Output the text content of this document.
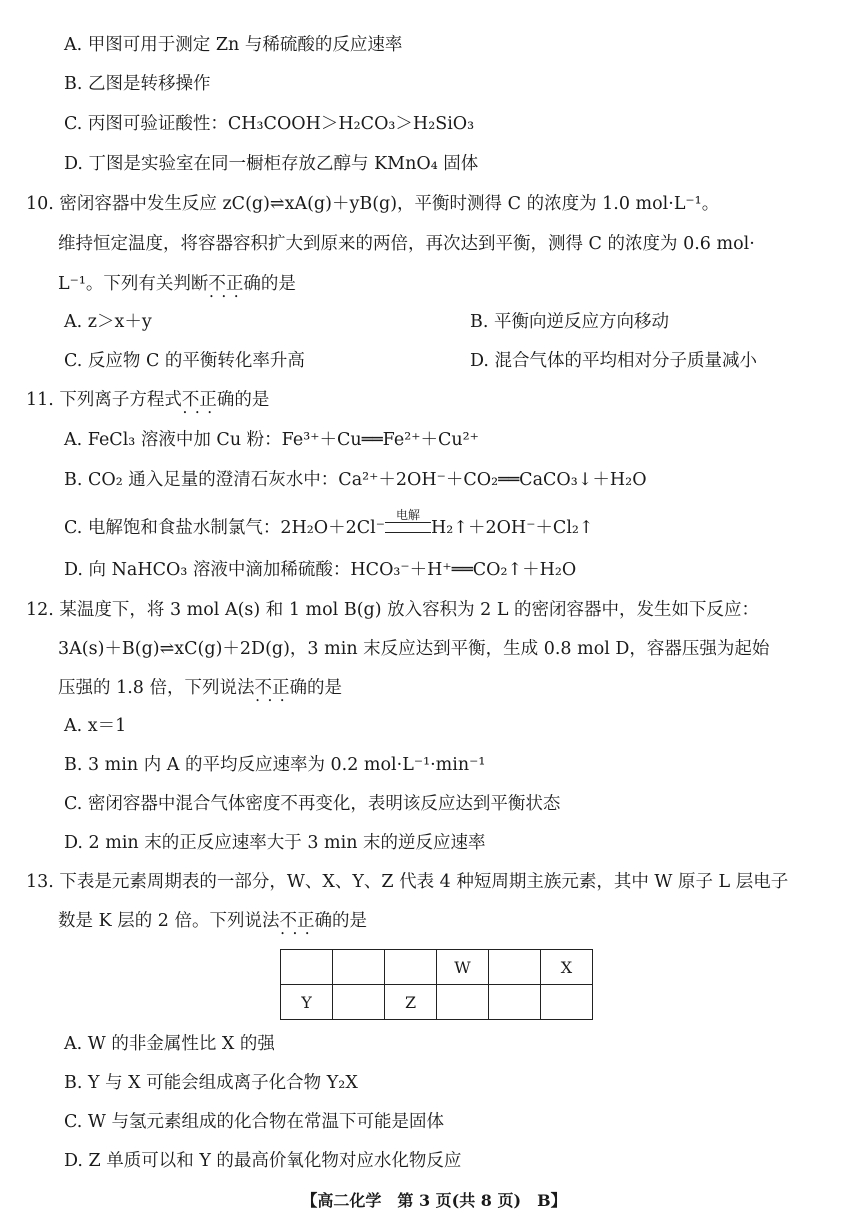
A. 甲图可用于测定 Zn 与稀硫酸的反应速率
B. 乙图是转移操作
C. 丙图可验证酸性：CH₃COOH＞H₂CO₃＞H₂SiO₃
D. 丁图是实验室在同一橱柜存放乙醇与 KMnO₄ 固体
10. 密闭容器中发生反应 zC(g)⇌xA(g)＋yB(g)，平衡时测得 C 的浓度为 1.0 mol·L⁻¹。
维持恒定温度，将容器容积扩大到原来的两倍，再次达到平衡，测得 C 的浓度为 0.6 mol·
L⁻¹。下列有关判断不正确 • • •的是
A. z＞x＋y	B. 平衡向逆反应方向移动
C. 反应物 C 的平衡转化率升高	D. 混合气体的平均相对分子质量减小
11. 下列离子方程式不正确 • • •的是
A. FeCl₃ 溶液中加 Cu 粉：Fe³⁺＋Cu══Fe²⁺＋Cu²⁺
B. CO₂ 通入足量的澄清石灰水中：Ca²⁺＋2OH⁻＋CO₂══CaCO₃↓＋H₂O
C. 电解饱和食盐水制氯气：2H₂O＋2Cl⁻
电解
H₂↑＋2OH⁻＋Cl₂↑
D. 向 NaHCO₃ 溶液中滴加稀硫酸：HCO₃⁻＋H⁺══CO₂↑＋H₂O
12. 某温度下，将 3 mol A(s) 和 1 mol B(g) 放入容积为 2 L 的密闭容器中，发生如下反应：
3A(s)＋B(g)⇌xC(g)＋2D(g)，3 min 末反应达到平衡，生成 0.8 mol D，容器压强为起始
压强的 1.8 倍，下列说法不正确 • • •的是
A. x＝1
B. 3 min 内 A 的平均反应速率为 0.2 mol·L⁻¹·min⁻¹
C. 密闭容器中混合气体密度不再变化，表明该反应达到平衡状态
D. 2 min 末的正反应速率大于 3 min 末的逆反应速率
13. 下表是元素周期表的一部分，W、X、Y、Z 代表 4 种短周期主族元素，其中 W 原子 L 层电子
数是 K 层的 2 倍。下列说法不正确 • • •的是
			W		X
Y		Z			
A. W 的非金属性比 X 的强
B. Y 与 X 可能会组成离子化合物 Y₂X
C. W 与氢元素组成的化合物在常温下可能是固体
D. Z 单质可以和 Y 的最高价氧化物对应水化物反应
【高二化学　第 3 页(共 8 页)　B】
